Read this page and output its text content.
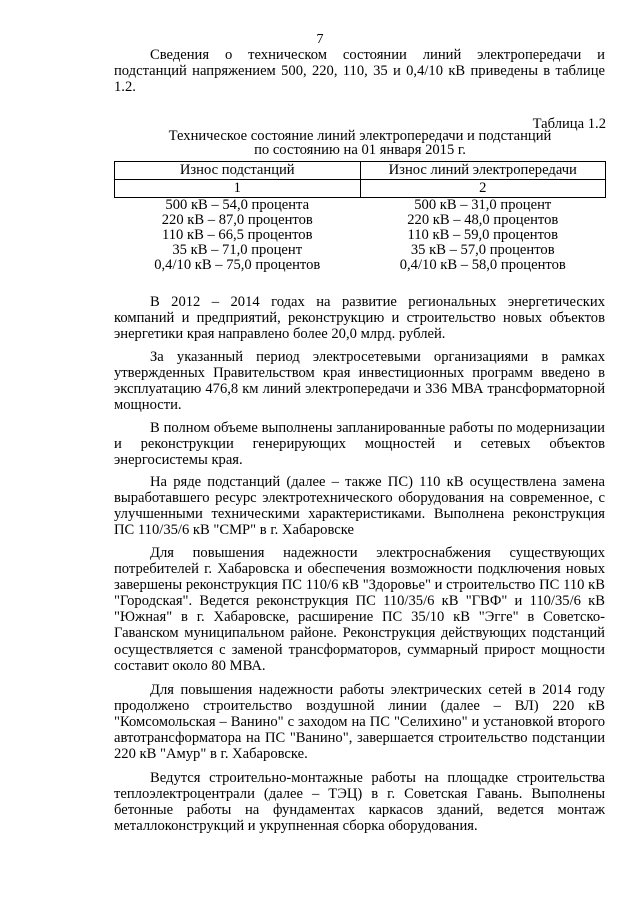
7

Сведения о техническом состоянии линий электропередачи и подстанций напряжением 500, 220, 110, 35 и 0,4/10 кВ приведены в таблице 1.2.

Таблица 1.2
Техническое состояние линий электропередачи и подстанций
по состоянию на 01 января 2015 г.
Износ подстанций	Износ линий электропередачи
1	2
500 кВ – 54,0 процента	500 кВ – 31,0 процент
220 кВ – 87,0 процентов	220 кВ – 48,0 процентов
110 кВ – 66,5 процентов	110 кВ – 59,0 процентов
35 кВ – 71,0 процент	35 кВ – 57,0 процентов
0,4/10 кВ – 75,0 процентов	0,4/10 кВ – 58,0 процентов

В 2012 – 2014 годах на развитие региональных энергетических компаний и предприятий, реконструкцию и строительство новых объектов энергетики края направлено более 20,0 млрд. рублей.

За указанный период электросетевыми организациями в рамках утвержденных Правительством края инвестиционных программ введено в эксплуатацию 476,8 км линий электропередачи и 336 МВА трансформаторной мощности.

В полном объеме выполнены запланированные работы по модернизации и реконструкции генерирующих мощностей и сетевых объектов энергосистемы края.

На ряде подстанций (далее – также ПС) 110 кВ осуществлена замена выработавшего ресурс электротехнического оборудования на современное, с улучшенными техническими характеристиками. Выполнена реконструкция ПС 110/35/6 кВ "СМР" в г. Хабаровске

Для повышения надежности электроснабжения существующих потребителей г. Хабаровска и обеспечения возможности подключения новых завершены реконструкция ПС 110/6 кВ "Здоровье" и строительство ПС 110 кВ "Городская". Ведется реконструкция ПС 110/35/6 кВ "ГВФ" и 110/35/6 кВ "Южная" в г. Хабаровске, расширение ПС 35/10 кВ "Эгге" в Советско-Гаванском муниципальном районе. Реконструкция действующих подстанций осуществляется с заменой трансформаторов, суммарный прирост мощности составит около 80 МВА.

Для повышения надежности работы электрических сетей в 2014 году продолжено строительство воздушной линии (далее – ВЛ) 220 кВ "Комсомольская – Ванино" с заходом на ПС "Селихино" и установкой второго автотрансформатора на ПС "Ванино", завершается строительство подстанции 220 кВ "Амур" в г. Хабаровске.

Ведутся строительно-монтажные работы на площадке строительства теплоэлектроцентрали (далее – ТЭЦ) в г. Советская Гавань. Выполнены бетонные работы на фундаментах каркасов зданий, ведется монтаж металлоконструкций и укрупненная сборка оборудования.
